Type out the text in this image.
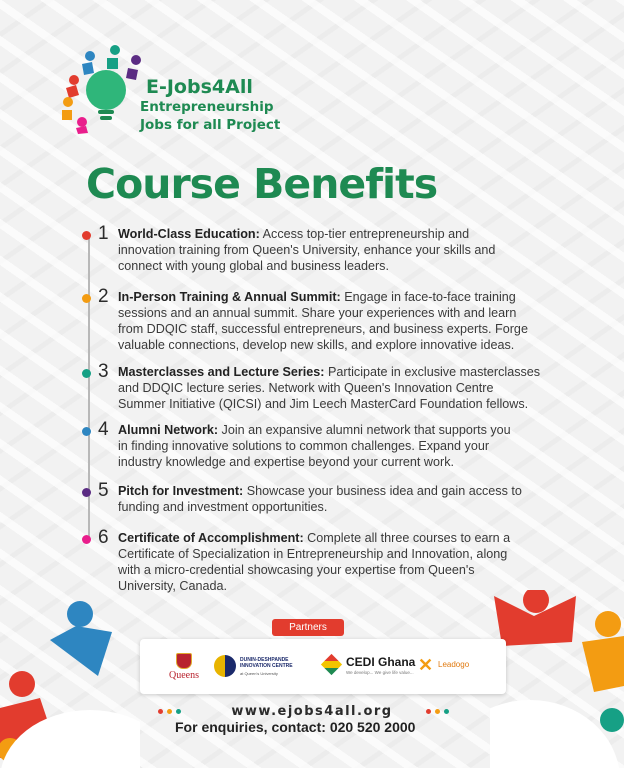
E-Jobs4All
Entrepreneurship
Jobs for all Project
Course Benefits
1 World-Class Education: Access top-tier entrepreneurship and
innovation training from Queen's University, enhance your skills and
connect with young global and business leaders.
2 In-Person Training & Annual Summit: Engage in face-to-face training
sessions and an annual summit. Share your experiences with and learn
from DDQIC staff, successful entrepreneurs, and business experts. Forge
valuable connections, develop new skills, and explore innovative ideas.
3 Masterclasses and Lecture Series: Participate in exclusive masterclasses
and DDQIC lecture series. Network with Queen's Innovation Centre
Summer Initiative (QICSI) and Jim Leech MasterCard Foundation fellows.
4 Alumni Network: Join an expansive alumni network that supports you
in finding innovative solutions to common challenges. Expand your
industry knowledge and expertise beyond your current work.
5 Pitch for Investment: Showcase your business idea and gain access to
funding and investment opportunities.
6 Certificate of Accomplishment: Complete all three courses to earn a
Certificate of Specialization in Entrepreneurship and Innovation, along
with a micro-credential showcasing your expertise from Queen's
University, Canada.
Partners
Queens
DUNIN-DESHPANDE
INNOVATION CENTRE
at Queen's University
CEDI Ghana
We develop... We give life value... ✕ Leadogo
www.ejobs4all.org
For enquiries, contact: 020 520 2000
